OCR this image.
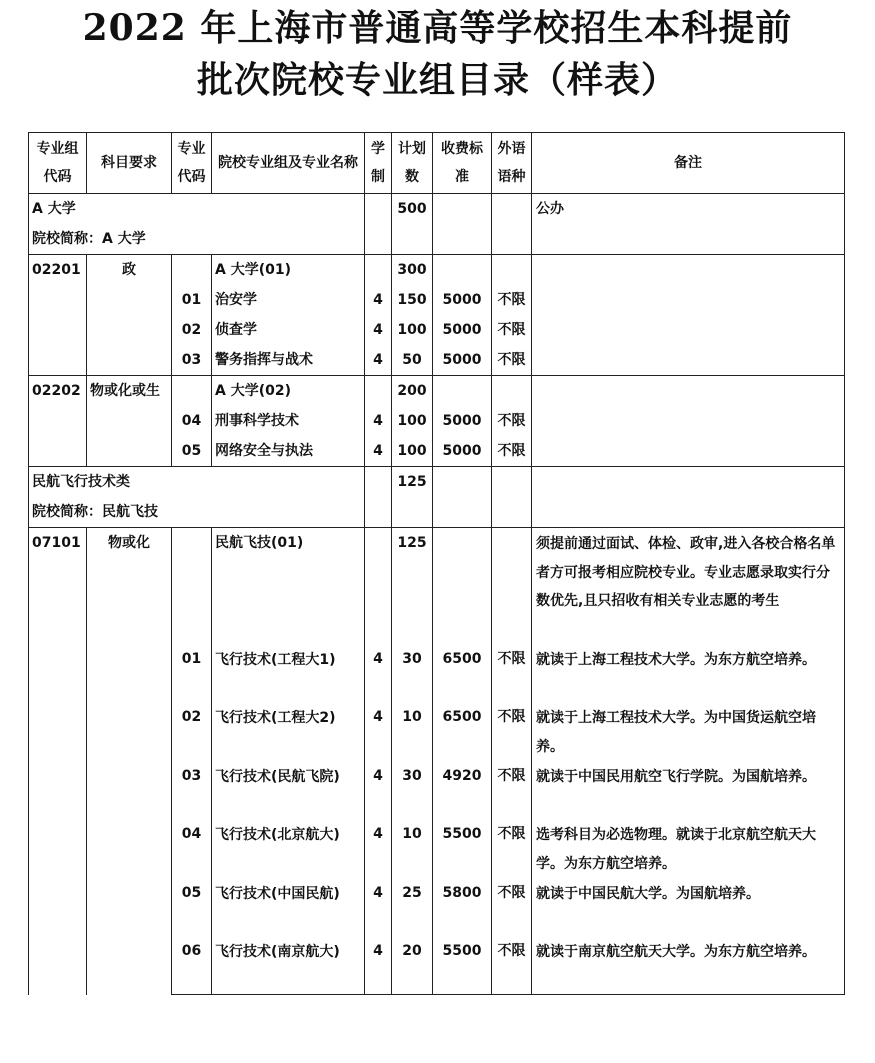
2022 年上海市普通高等学校招生本科提前
批次院校专业组目录（样表）
专业组代码	科目要求	专业代码	院校专业组及专业名称	学制	计划数	收费标准	外语语种	备注
A 大学					500			公办
院校简称：A 大学								
02201	政		A 大学(01)		300			
		01	治安学	4	150	5000	不限	
		02	侦查学	4	100	5000	不限	
		03	警务指挥与战术	4	50	5000	不限	
02202	物或化或生		A 大学(02)		200			
		04	刑事科学技术	4	100	5000	不限	
		05	网络安全与执法	4	100	5000	不限	
民航飞行技术类					125			
院校简称：民航飞技								
07101	物或化		民航飞技(01)		125			须提前通过面试、体检、政审,进入各校合格名单者方可报考相应院校专业。专业志愿录取实行分数优先,且只招收有相关专业志愿的考生
		01	飞行技术(工程大1)	4	30	6500	不限	就读于上海工程技术大学。为东方航空培养。
		02	飞行技术(工程大2)	4	10	6500	不限	就读于上海工程技术大学。为中国货运航空培养。
		03	飞行技术(民航飞院)	4	30	4920	不限	就读于中国民用航空飞行学院。为国航培养。
		04	飞行技术(北京航大)	4	10	5500	不限	选考科目为必选物理。就读于北京航空航天大学。为东方航空培养。
		05	飞行技术(中国民航)	4	25	5800	不限	就读于中国民航大学。为国航培养。
		06	飞行技术(南京航大)	4	20	5500	不限	就读于南京航空航天大学。为东方航空培养。
